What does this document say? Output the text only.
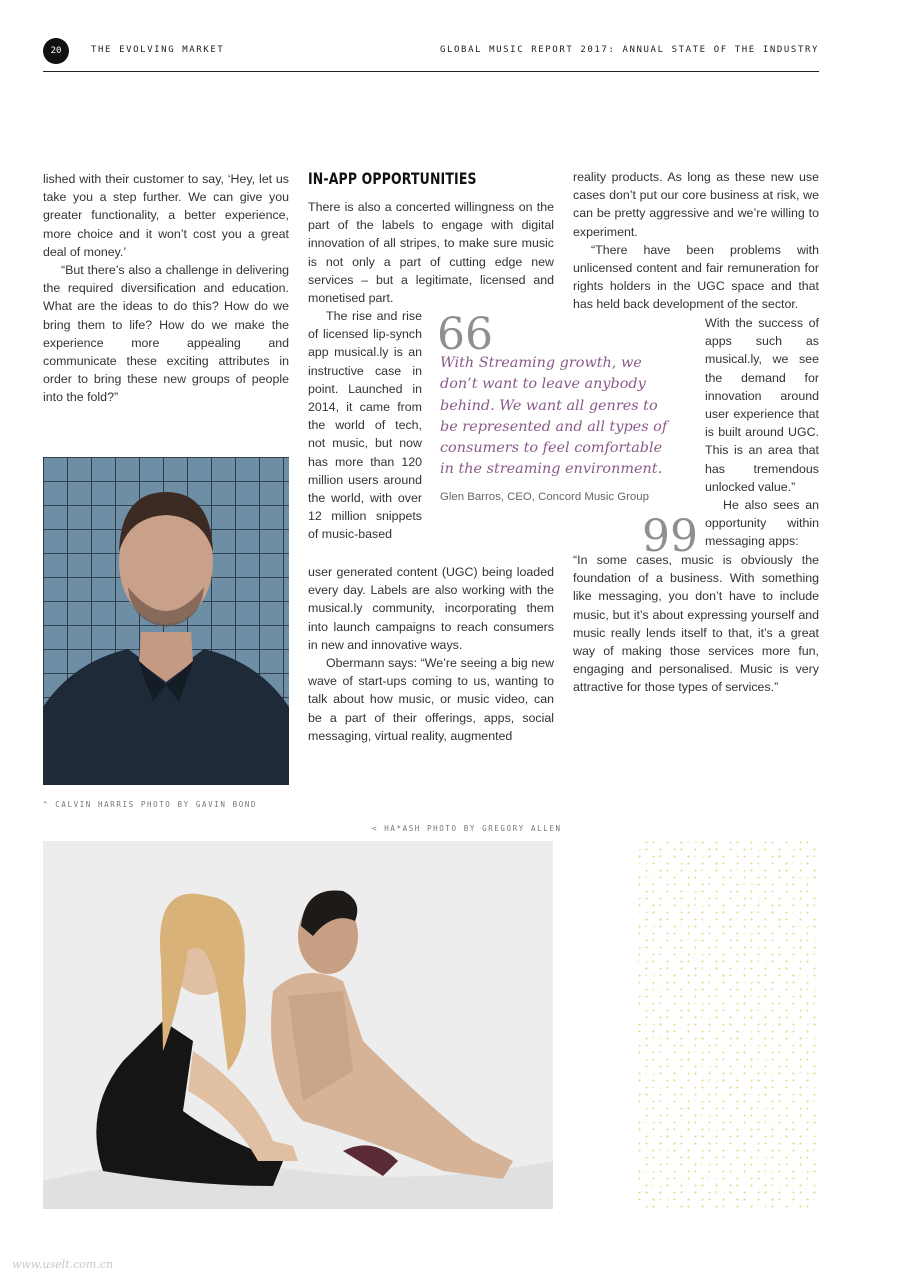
20	THE EVOLVING MARKET	GLOBAL MUSIC REPORT 2017: ANNUAL STATE OF THE INDUSTRY

lished with their customer to say, ‘Hey, let us take you a step further. We can give you greater functionality, a better experience, more choice and it won’t cost you a great deal of money.’

“But there’s also a challenge in delivering the required diversification and education. What are the ideas to do this? How do we bring them to life? How do we make the experience more appealing and communicate these exciting attributes in order to bring these new groups of people into the fold?”

^ CALVIN HARRIS PHOTO BY GAVIN BOND
IN-APP OPPORTUNITIES

There is also a concerted willingness on the part of the labels to engage with digital innovation of all stripes, to make sure music is not only a part of cutting edge new services – but a legitimate, licensed and monetised part.

The rise and rise of licensed lip-synch app musical.ly is an instructive case in point. Launched in 2014, it came from the world of tech, not music, but now has more than 120 million users around the world, with over 12 million snippets of music-based

user generated content (UGC) being loaded every day. Labels are also working with the musical.ly community, incorporating them into launch campaigns to reach consumers in new and innovative ways.

Obermann says: “We’re seeing a big new wave of start-ups coming to us, wanting to talk about how music, or music video, can be a part of their offerings, apps, social messaging, virtual reality, augmented

66
With Streaming growth, we don’t want to leave anybody behind. We want all genres to be represented and all types of consumers to feel comfortable in the streaming environment.
Glen Barros, CEO, Concord Music Group
99

reality products. As long as these new use cases don’t put our core business at risk, we can be pretty aggressive and we’re willing to experiment.

“There have been problems with unlicensed content and fair remuneration for rights holders in the UGC space and that has held back development of the sector.

With the success of apps such as musical.ly, we see the demand for innovation around user experience that is built around UGC. This is an area that has tremendous unlocked value.”

He also sees an opportunity within messaging apps:

“In some cases, music is obviously the foundation of a business. With something like messaging, you don’t have to include music, but it’s about expressing yourself and music really lends itself to that, it’s a great way of making those services more fun, engaging and personalised. Music is very attractive for those types of services.”

< HA*ASH PHOTO BY GREGORY ALLEN
www.uselt.com.cn
